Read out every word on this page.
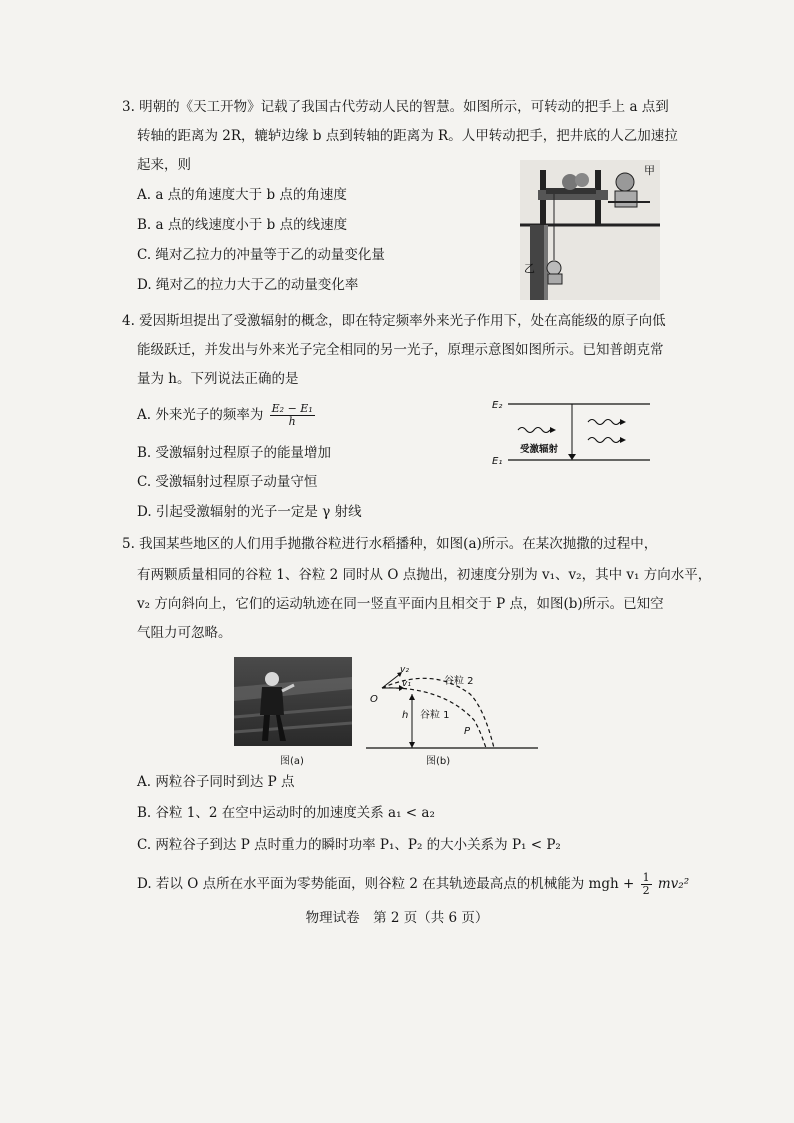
3. 明朝的《天工开物》记载了我国古代劳动人民的智慧。如图所示，可转动的把手上 a 点到
转轴的距离为 2R，辘轳边缘 b 点到转轴的距离为 R。人甲转动把手，把井底的人乙加速拉
起来，则
A. a 点的角速度大于 b 点的角速度
B. a 点的线速度小于 b 点的线速度
C. 绳对乙拉力的冲量等于乙的动量变化量
D. 绳对乙的拉力大于乙的动量变化率
甲
乙
4. 爱因斯坦提出了受激辐射的概念，即在特定频率外来光子作用下，处在高能级的原子向低
能级跃迁，并发出与外来光子完全相同的另一光子，原理示意图如图所示。已知普朗克常
量为 h。下列说法正确的是
A. 外来光子的频率为 $\frac{\text{E₂ − E₁}}{h}$
B. 受激辐射过程原子的能量增加
C. 受激辐射过程原子动量守恒
D. 引起受激辐射的光子一定是 γ 射线
E₂
E₁
受激辐射
5. 我国某些地区的人们用手抛撒谷粒进行水稻播种，如图(a)所示。在某次抛撒的过程中，
有两颗质量相同的谷粒 1、谷粒 2 同时从 O 点抛出，初速度分别为 v₁、v₂，其中 v₁ 方向水平，
v₂ 方向斜向上，它们的运动轨迹在同一竖直平面内且相交于 P 点，如图(b)所示。已知空
气阻力可忽略。
图(a)
v₂
v₁
O
h
P
谷粒 2
谷粒 1
图(b)
A. 两粒谷子同时到达 P 点
B. 谷粒 1、2 在空中运动时的加速度关系 a₁ < a₂
C. 两粒谷子到达 P 点时重力的瞬时功率 P₁、P₂ 的大小关系为 P₁ < P₂
D. 若以 O 点所在水平面为零势能面，则谷粒 2 在其轨迹最高点的机械能为 mgh + $\frac{1}{2} mv_2^2$
物理试卷　第 2 页（共 6 页）
